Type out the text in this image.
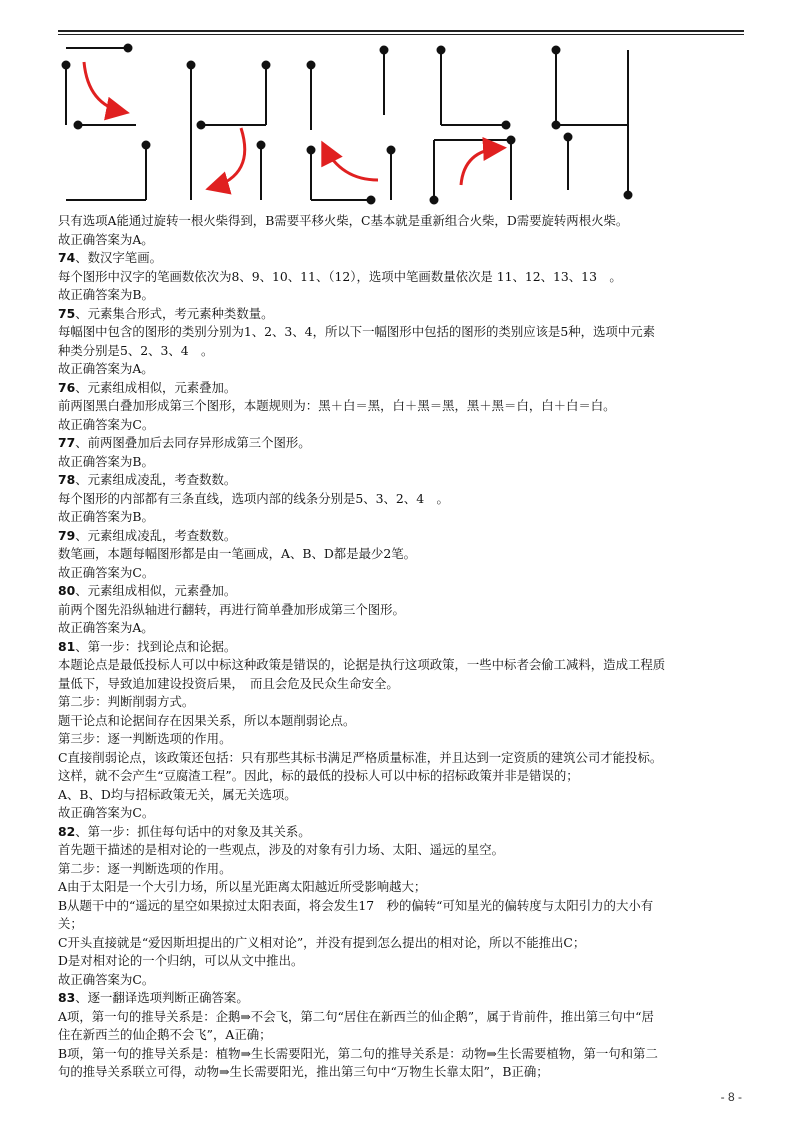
只有选项A能通过旋转一根火柴得到，B需要平移火柴，C基本就是重新组合火柴，D需要旋转两根火柴。
故正确答案为A。
74、数汉字笔画。
每个图形中汉字的笔画数依次为8、9、10、11、（12），选项中笔画数量依次是 11、12、13、13　。
故正确答案为B。
75、元素集合形式，考元素种类数量。
每幅图中包含的图形的类别分别为1、2、3、4，所以下一幅图形中包括的图形的类别应该是5种，选项中元素
种类分别是5、2、3、4　。
故正确答案为A。
76、元素组成相似，元素叠加。
前两图黑白叠加形成第三个图形，本题规则为：黑＋白＝黑，白＋黑＝黑，黑＋黑＝白，白＋白＝白。
故正确答案为C。
77、前两图叠加后去同存异形成第三个图形。
故正确答案为B。
78、元素组成凌乱，考查数数。
每个图形的内部都有三条直线，选项内部的线条分别是5、3、2、4　。
故正确答案为B。
79、元素组成凌乱，考查数数。
数笔画，本题每幅图形都是由一笔画成，A、B、D都是最少2笔。
故正确答案为C。
80、元素组成相似，元素叠加。
前两个图先沿纵轴进行翻转，再进行简单叠加形成第三个图形。
故正确答案为A。
81、第一步：找到论点和论据。
本题论点是最低投标人可以中标这种政策是错误的，论据是执行这项政策，一些中标者会偷工减料，造成工程质
量低下，导致追加建设投资后果，　而且会危及民众生命安全。
第二步：判断削弱方式。
题干论点和论据间存在因果关系，所以本题削弱论点。
第三步：逐一判断选项的作用。
C直接削弱论点，该政策还包括：只有那些其标书满足严格质量标准，并且达到一定资质的建筑公司才能投标。
这样，就不会产生“豆腐渣工程”。因此，标的最低的投标人可以中标的招标政策并非是错误的；
A、B、D均与招标政策无关，属无关选项。
故正确答案为C。
82、第一步：抓住每句话中的对象及其关系。
首先题干描述的是相对论的一些观点，涉及的对象有引力场、太阳、遥远的星空。
第二步：逐一判断选项的作用。
A由于太阳是一个大引力场，所以星光距离太阳越近所受影响越大；
B从题干中的“遥远的星空如果掠过太阳表面，将会发生17　秒的偏转“可知星光的偏转度与太阳引力的大小有
关；
C开头直接就是“爱因斯坦提出的广义相对论”，并没有提到怎么提出的相对论，所以不能推出C；
D是对相对论的一个归纳，可以从文中推出。
故正确答案为C。
83、逐一翻译选项判断正确答案。
A项，第一句的推导关系是：企鹅⇒不会飞，第二句“居住在新西兰的仙企鹅”，属于肯前件，推出第三句中“居
住在新西兰的仙企鹅不会飞”，A正确；
B项，第一句的推导关系是：植物⇒生长需要阳光，第二句的推导关系是：动物⇒生长需要植物，第一句和第二
句的推导关系联立可得，动物⇒生长需要阳光，推出第三句中“万物生长靠太阳”，B正确；
- 8 -
